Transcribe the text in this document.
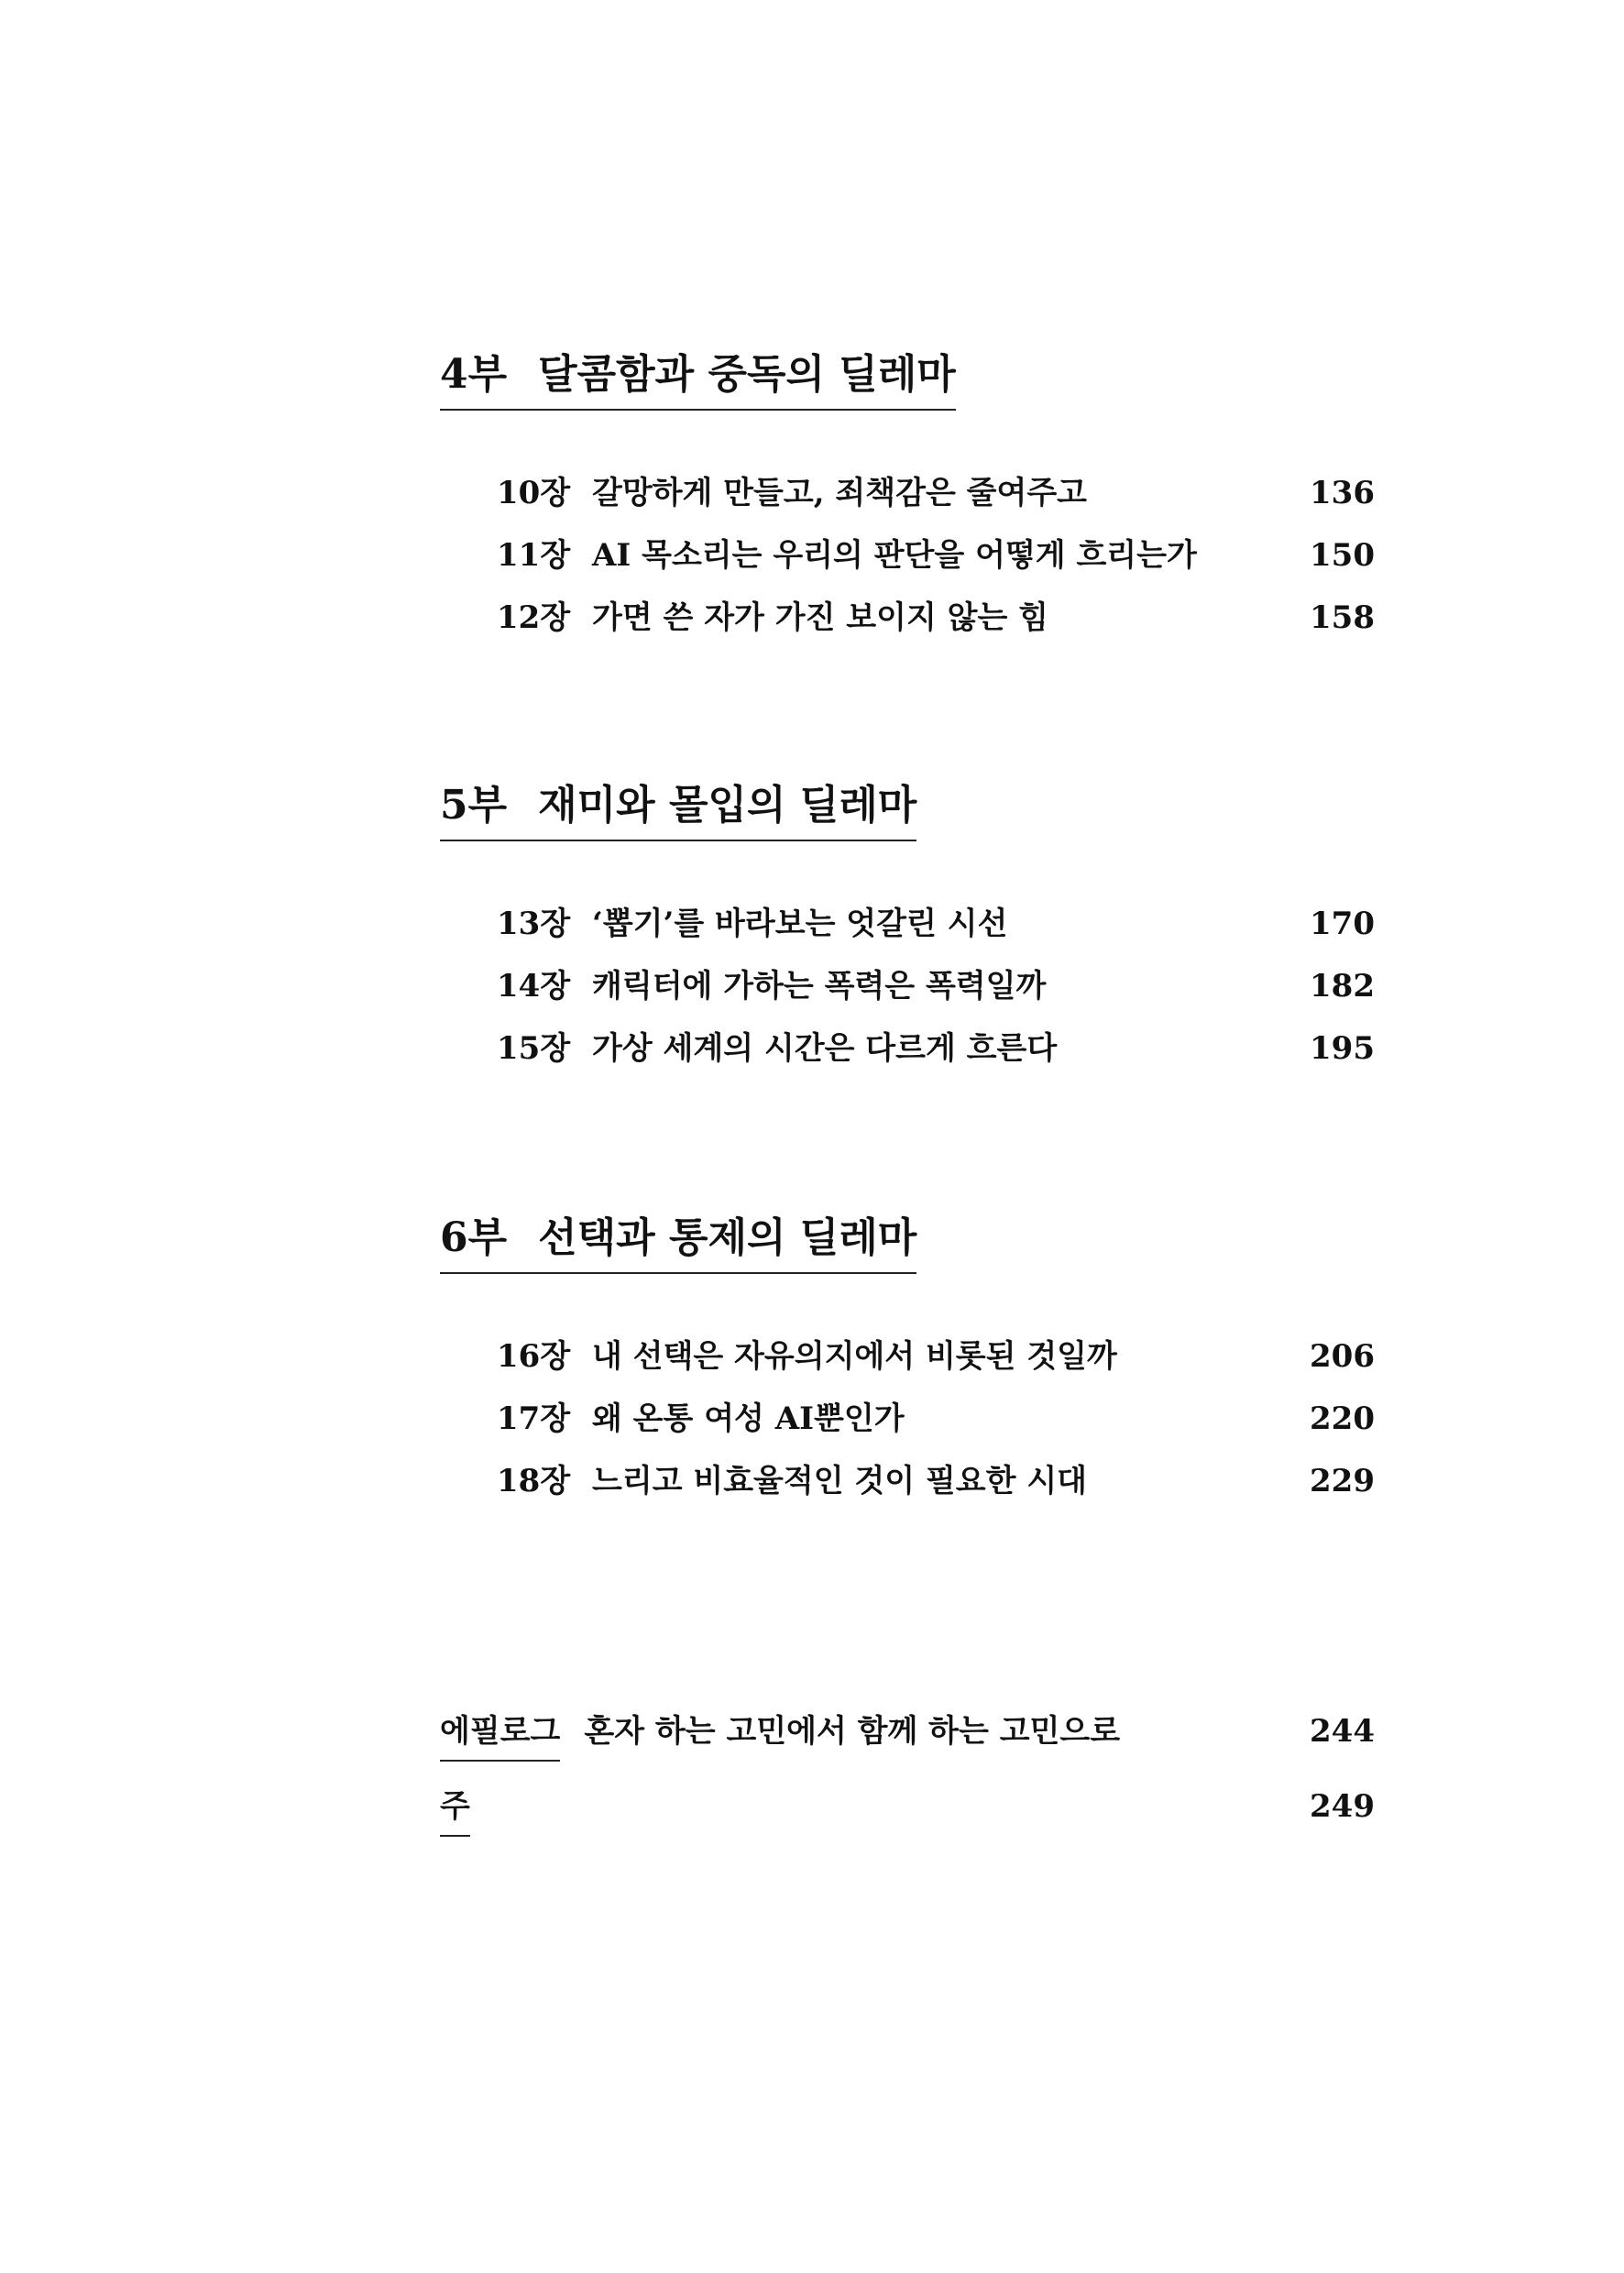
4부 달콤함과 중독의 딜레마
10장 갈망하게 만들고, 죄책감은 줄여주고	136
11장 AI 목소리는 우리의 판단을 어떻게 흐리는가	150
12장 가면 쓴 자가 가진 보이지 않는 힘	158
5부 재미와 몰입의 딜레마
13장 ‘뽑기’를 바라보는 엇갈린 시선	170
14장 캐릭터에 가하는 폭력은 폭력일까	182
15장 가상 세계의 시간은 다르게 흐른다	195
6부 선택과 통제의 딜레마
16장 내 선택은 자유의지에서 비롯된 것일까	206
17장 왜 온통 여성 AI뿐인가	220
18장 느리고 비효율적인 것이 필요한 시대	229
에필로그 혼자 하는 고민에서 함께 하는 고민으로	244
주	249
